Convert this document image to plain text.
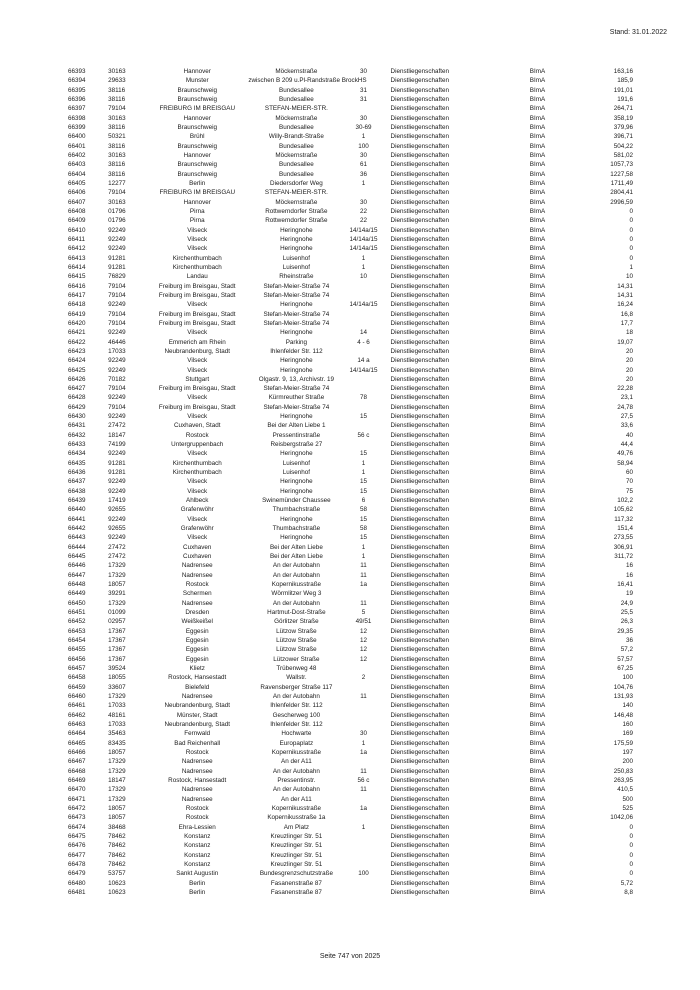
Stand: 31.01.2022
66393	30163	Hannover	Möckernstraße	30	Dienstliegenschaften	BImA	163,16
66394	29633	Munster	zwischen B 209 u.Pl-Randstraße BrockHS		Dienstliegenschaften	BImA	185,9
66395	38116	Braunschweig	Bundesallee	31	Dienstliegenschaften	BImA	191,01
66396	38116	Braunschweig	Bundesallee	31	Dienstliegenschaften	BImA	191,6
66397	79104	FREIBURG IM BREISGAU	STEFAN-MEIER-STR.		Dienstliegenschaften	BImA	264,71
66398	30163	Hannover	Möckernstraße	30	Dienstliegenschaften	BImA	358,19
66399	38116	Braunschweig	Bundesallee	30-69	Dienstliegenschaften	BImA	379,96
66400	50321	Brühl	Willy-Brandt-Straße	1	Dienstliegenschaften	BImA	396,71
66401	38116	Braunschweig	Bundesallee	100	Dienstliegenschaften	BImA	504,22
66402	30163	Hannover	Möckernstraße	30	Dienstliegenschaften	BImA	581,02
66403	38116	Braunschweig	Bundesallee	61	Dienstliegenschaften	BImA	1057,73
66404	38116	Braunschweig	Bundesallee	36	Dienstliegenschaften	BImA	1227,58
66405	12277	Berlin	Diedersdorfer Weg	1	Dienstliegenschaften	BImA	1711,49
66406	79104	FREIBURG IM BREISGAU	STEFAN-MEIER-STR.		Dienstliegenschaften	BImA	2804,41
66407	30163	Hannover	Möckernstraße	30	Dienstliegenschaften	BImA	2996,59
66408	01796	Pirna	Rottwerndorfer Straße	22	Dienstliegenschaften	BImA	0
66409	01796	Pirna	Rottwerndorfer Straße	22	Dienstliegenschaften	BImA	0
66410	92249	Vilseck	Heringnohe	14/14a/15	Dienstliegenschaften	BImA	0
66411	92249	Vilseck	Heringnohe	14/14a/15	Dienstliegenschaften	BImA	0
66412	92249	Vilseck	Heringnohe	14/14a/15	Dienstliegenschaften	BImA	0
66413	91281	Kirchenthumbach	Luisenhof	1	Dienstliegenschaften	BImA	0
66414	91281	Kirchenthumbach	Luisenhof	1	Dienstliegenschaften	BImA	1
66415	76829	Landau	Rheinstraße	10	Dienstliegenschaften	BImA	10
66416	79104	Freiburg im Breisgau, Stadt	Stefan-Meier-Straße 74		Dienstliegenschaften	BImA	14,31
66417	79104	Freiburg im Breisgau, Stadt	Stefan-Meier-Straße 74		Dienstliegenschaften	BImA	14,31
66418	92249	Vilseck	Heringnohe	14/14a/15	Dienstliegenschaften	BImA	16,24
66419	79104	Freiburg im Breisgau, Stadt	Stefan-Meier-Straße 74		Dienstliegenschaften	BImA	16,8
66420	79104	Freiburg im Breisgau, Stadt	Stefan-Meier-Straße 74		Dienstliegenschaften	BImA	17,7
66421	92249	Vilseck	Heringnohe	14	Dienstliegenschaften	BImA	18
66422	46446	Emmerich am Rhein	Parking	4 - 6	Dienstliegenschaften	BImA	19,07
66423	17033	Neubrandenburg, Stadt	Ihlenfelder Str. 112		Dienstliegenschaften	BImA	20
66424	92249	Vilseck	Heringnohe	14 a	Dienstliegenschaften	BImA	20
66425	92249	Vilseck	Heringnohe	14/14a/15	Dienstliegenschaften	BImA	20
66426	70182	Stuttgart	Olgastr. 9, 13, Archivstr. 19		Dienstliegenschaften	BImA	20
66427	79104	Freiburg im Breisgau, Stadt	Stefan-Meier-Straße 74		Dienstliegenschaften	BImA	22,28
66428	92249	Vilseck	Kürmreuther Straße	78	Dienstliegenschaften	BImA	23,1
66429	79104	Freiburg im Breisgau, Stadt	Stefan-Meier-Straße 74		Dienstliegenschaften	BImA	24,78
66430	92249	Vilseck	Heringnohe	15	Dienstliegenschaften	BImA	27,5
66431	27472	Cuxhaven, Stadt	Bei der Alten Liebe 1		Dienstliegenschaften	BImA	33,6
66432	18147	Rostock	Pressentinstraße	56 c	Dienstliegenschaften	BImA	40
66433	74199	Untergruppenbach	Reisbergstraße 27		Dienstliegenschaften	BImA	44,4
66434	92249	Vilseck	Heringnohe	15	Dienstliegenschaften	BImA	49,76
66435	91281	Kirchenthumbach	Luisenhof	1	Dienstliegenschaften	BImA	58,94
66436	91281	Kirchenthumbach	Luisenhof	1	Dienstliegenschaften	BImA	60
66437	92249	Vilseck	Heringnohe	15	Dienstliegenschaften	BImA	70
66438	92249	Vilseck	Heringnohe	15	Dienstliegenschaften	BImA	75
66439	17419	Ahlbeck	Swinemünder Chaussee	6	Dienstliegenschaften	BImA	102,2
66440	92655	Grafenwöhr	Thumbachstraße	58	Dienstliegenschaften	BImA	105,62
66441	92249	Vilseck	Heringnohe	15	Dienstliegenschaften	BImA	117,32
66442	92655	Grafenwöhr	Thumbachstraße	58	Dienstliegenschaften	BImA	151,4
66443	92249	Vilseck	Heringnohe	15	Dienstliegenschaften	BImA	273,55
66444	27472	Cuxhaven	Bei der Alten Liebe	1	Dienstliegenschaften	BImA	306,91
66445	27472	Cuxhaven	Bei der Alten Liebe	1	Dienstliegenschaften	BImA	311,72
66446	17329	Nadrensee	An der Autobahn	11	Dienstliegenschaften	BImA	16
66447	17329	Nadrensee	An der Autobahn	11	Dienstliegenschaften	BImA	16
66448	18057	Rostock	Kopernikusstraße	1a	Dienstliegenschaften	BImA	16,41
66449	39291	Schermen	Wörmlitzer Weg 3		Dienstliegenschaften	BImA	19
66450	17329	Nadrensee	An der Autobahn	11	Dienstliegenschaften	BImA	24,9
66451	01099	Dresden	Hartmut-Dost-Straße	5	Dienstliegenschaften	BImA	25,5
66452	02957	Weißkeißel	Görlitzer Straße	49/51	Dienstliegenschaften	BImA	26,3
66453	17367	Eggesin	Lützow Straße	12	Dienstliegenschaften	BImA	29,35
66454	17367	Eggesin	Lützow Straße	12	Dienstliegenschaften	BImA	36
66455	17367	Eggesin	Lützow Straße	12	Dienstliegenschaften	BImA	57,2
66456	17367	Eggesin	Lützower Straße	12	Dienstliegenschaften	BImA	57,57
66457	39524	Klietz	Trübenweg 48		Dienstliegenschaften	BImA	67,25
66458	18055	Rostock, Hansestadt	Wallstr.	2	Dienstliegenschaften	BImA	100
66459	33607	Bielefeld	Ravensberger Straße 117		Dienstliegenschaften	BImA	104,76
66460	17329	Nadrensee	An der Autobahn	11	Dienstliegenschaften	BImA	131,93
66461	17033	Neubrandenburg, Stadt	Ihlenfelder Str. 112		Dienstliegenschaften	BImA	140
66462	48161	Münster, Stadt	Gescherweg 100		Dienstliegenschaften	BImA	146,48
66463	17033	Neubrandenburg, Stadt	Ihlenfelder Str. 112		Dienstliegenschaften	BImA	160
66464	35463	Fernwald	Hochwarte	30	Dienstliegenschaften	BImA	169
66465	83435	Bad Reichenhall	Europaplatz	1	Dienstliegenschaften	BImA	175,59
66466	18057	Rostock	Kopernikusstraße	1a	Dienstliegenschaften	BImA	197
66467	17329	Nadrensee	An der A11		Dienstliegenschaften	BImA	200
66468	17329	Nadrensee	An der Autobahn	11	Dienstliegenschaften	BImA	250,83
66469	18147	Rostock, Hansestadt	Pressentinstr.	56 c	Dienstliegenschaften	BImA	263,95
66470	17329	Nadrensee	An der Autobahn	11	Dienstliegenschaften	BImA	410,5
66471	17329	Nadrensee	An der A11		Dienstliegenschaften	BImA	500
66472	18057	Rostock	Kopernikusstraße	1a	Dienstliegenschaften	BImA	525
66473	18057	Rostock	Kopernikusstraße 1a		Dienstliegenschaften	BImA	1042,06
66474	38468	Ehra-Lessien	Am Platz	1	Dienstliegenschaften	BImA	0
66475	78462	Konstanz	Kreuzlinger Str. 51		Dienstliegenschaften	BImA	0
66476	78462	Konstanz	Kreuzlinger Str. 51		Dienstliegenschaften	BImA	0
66477	78462	Konstanz	Kreuzlinger Str. 51		Dienstliegenschaften	BImA	0
66478	78462	Konstanz	Kreuzlinger Str. 51		Dienstliegenschaften	BImA	0
66479	53757	Sankt Augustin	Bundesgrenzschutzstraße	100	Dienstliegenschaften	BImA	0
66480	10623	Berlin	Fasanenstraße 87		Dienstliegenschaften	BImA	5,72
66481	10623	Berlin	Fasanenstraße 87		Dienstliegenschaften	BImA	8,8
Seite 747 von 2025
